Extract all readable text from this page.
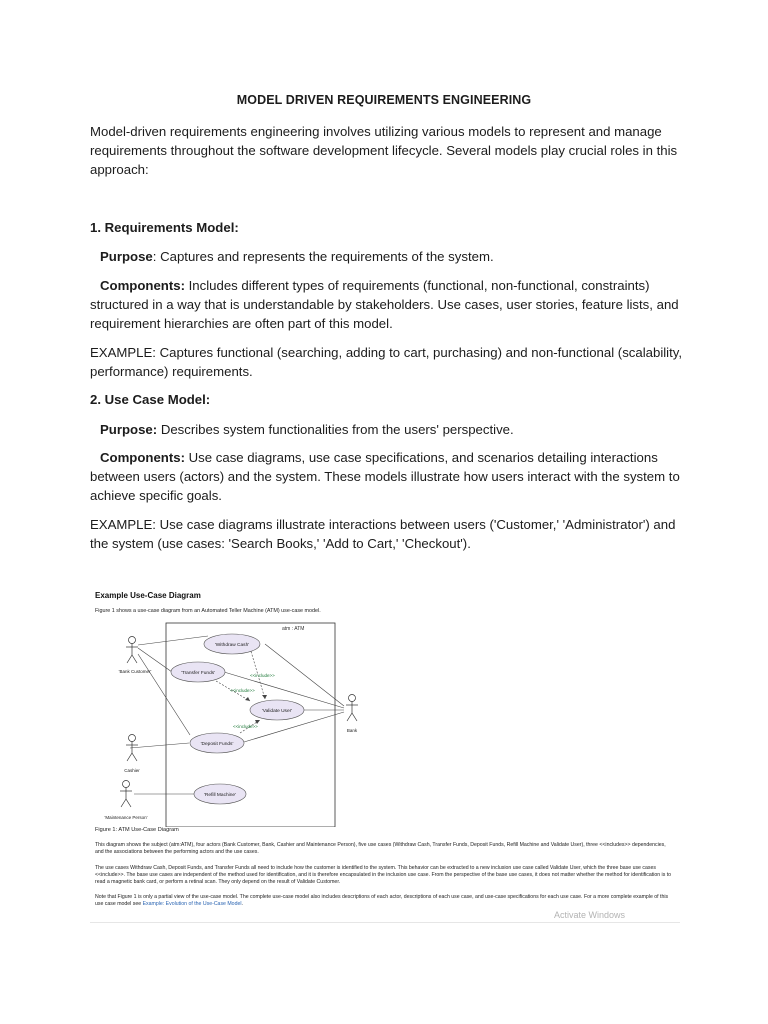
MODEL DRIVEN REQUIREMENTS ENGINEERING

Model-driven requirements engineering involves utilizing various models to represent and manage requirements throughout the software development lifecycle. Several models play crucial roles in this approach:

1. Requirements Model:

Purpose: Captures and represents the requirements of the system.

Components: Includes different types of requirements (functional, non-functional, constraints) structured in a way that is understandable by stakeholders. Use cases, user stories, feature lists, and requirement hierarchies are often part of this model.

EXAMPLE: Captures functional (searching, adding to cart, purchasing) and non-functional (scalability, performance) requirements.

2. Use Case Model:

Purpose: Describes system functionalities from the users' perspective.

Components: Use case diagrams, use case specifications, and scenarios detailing interactions between users (actors) and the system. These models illustrate how users interact with the system to achieve specific goals.

EXAMPLE: Use case diagrams illustrate interactions between users ('Customer,' 'Administrator') and the system (use cases: 'Search Books,' 'Add to Cart,' 'Checkout').

Example Use-Case Diagram
Figure 1 shows a use-case diagram from an Automated Teller Machine (ATM) use-case model.
atm : ATM
<<include>>
<<include>>
<<include>>
'Withdraw Cash'
'Transfer Funds'
'Validate User'
'Deposit Funds'
'Refill Machine'
'Bank Customer'
Cashier
'Maintenance Person'
Bank
Figure 1: ATM Use-Case Diagram

This diagram shows the subject (atm:ATM), four actors (Bank Customer, Bank, Cashier and Maintenance Person), five use cases (Withdraw Cash, Transfer Funds, Deposit Funds, Refill Machine and Validate User), three <<includes>> dependencies, and the associations between the performing actors and the use cases.

The use cases Withdraw Cash, Deposit Funds, and Transfer Funds all need to include how the customer is identified to the system. This behavior can be extracted to a new inclusion use case called Validate User, which the three base use cases <<include>>. The base use cases are independent of the method used for identification, and it is therefore encapsulated in the inclusion use case. From the perspective of the base use cases, it does not matter whether the method for identification is to read a magnetic bank card, or perform a retinal scan. They only depend on the result of Validate Customer.

Note that Figure 1 is only a partial view of the use-case model. The complete use-case model also includes descriptions of each actor, descriptions of each use case, and use-case specifications for each use case. For a more complete example of this use case model see Example: Evolution of the Use-Case Model.

Activate Windows
